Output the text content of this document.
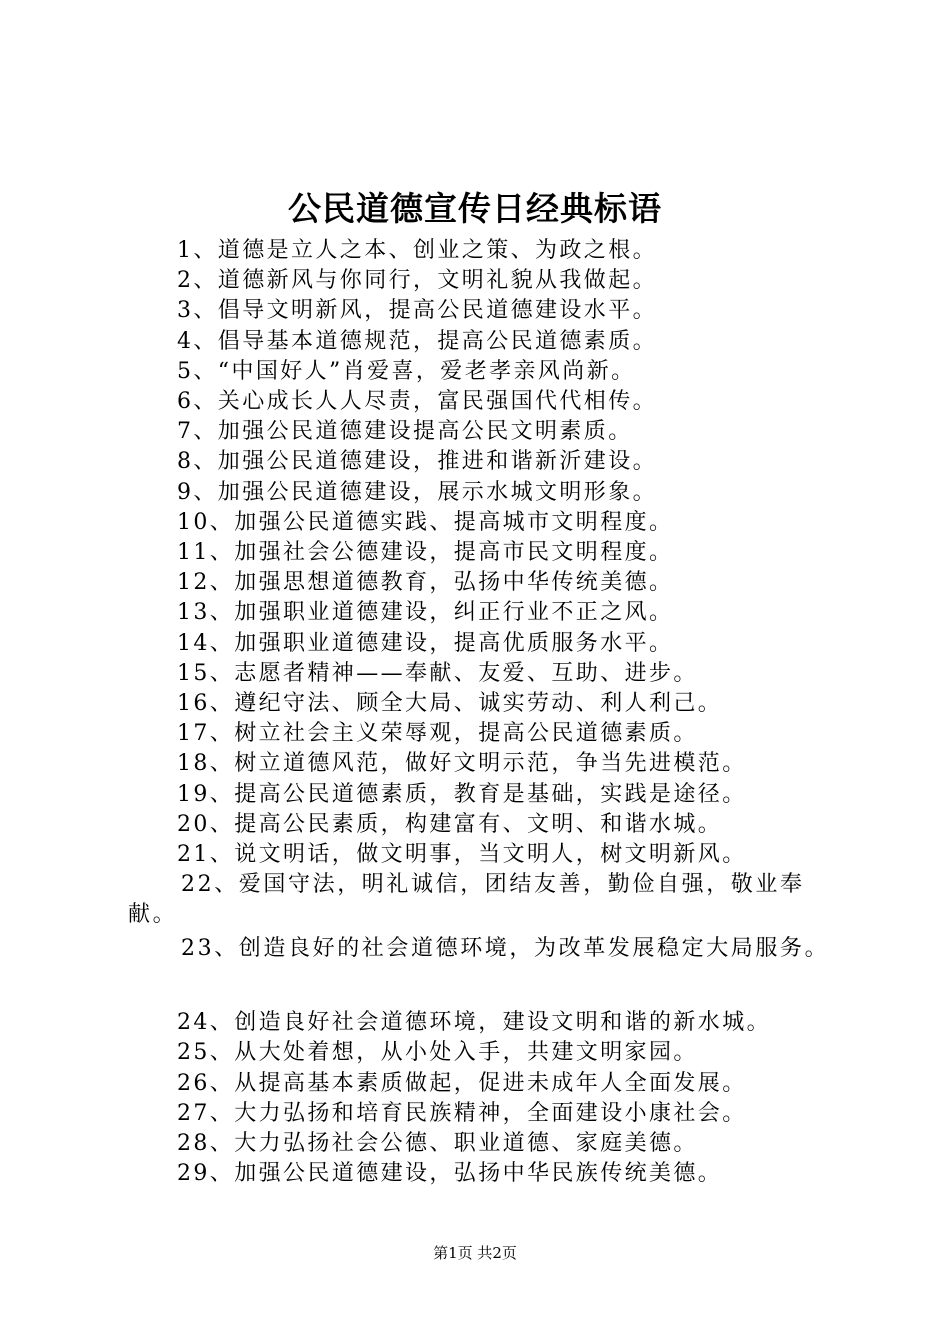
公民道德宣传日经典标语
1、道德是立人之本、创业之策、为政之根。
2、道德新风与你同行，文明礼貌从我做起。
3、倡导文明新风，提高公民道德建设水平。
4、倡导基本道德规范，提高公民道德素质。
5、“中国好人”肖爱喜，爱老孝亲风尚新。
6、关心成长人人尽责，富民强国代代相传。
7、加强公民道德建设提高公民文明素质。
8、加强公民道德建设，推进和谐新沂建设。
9、加强公民道德建设，展示水城文明形象。
10、加强公民道德实践、提高城市文明程度。
11、加强社会公德建设，提高市民文明程度。
12、加强思想道德教育，弘扬中华传统美德。
13、加强职业道德建设，纠正行业不正之风。
14、加强职业道德建设，提高优质服务水平。
15、志愿者精神——奉献、友爱、互助、进步。
16、遵纪守法、顾全大局、诚实劳动、利人利己。
17、树立社会主义荣辱观，提高公民道德素质。
18、树立道德风范，做好文明示范，争当先进模范。
19、提高公民道德素质，教育是基础，实践是途径。
20、提高公民素质，构建富有、文明、和谐水城。
21、说文明话，做文明事，当文明人，树文明新风。
22、爱国守法，明礼诚信，团结友善，勤俭自强，敬业奉献。
23、创造良好的社会道德环境，为改革发展稳定大局服务。
24、创造良好社会道德环境，建设文明和谐的新水城。
25、从大处着想，从小处入手，共建文明家园。
26、从提高基本素质做起，促进未成年人全面发展。
27、大力弘扬和培育民族精神，全面建设小康社会。
28、大力弘扬社会公德、职业道德、家庭美德。
29、加强公民道德建设，弘扬中华民族传统美德。
第1页 共2页
